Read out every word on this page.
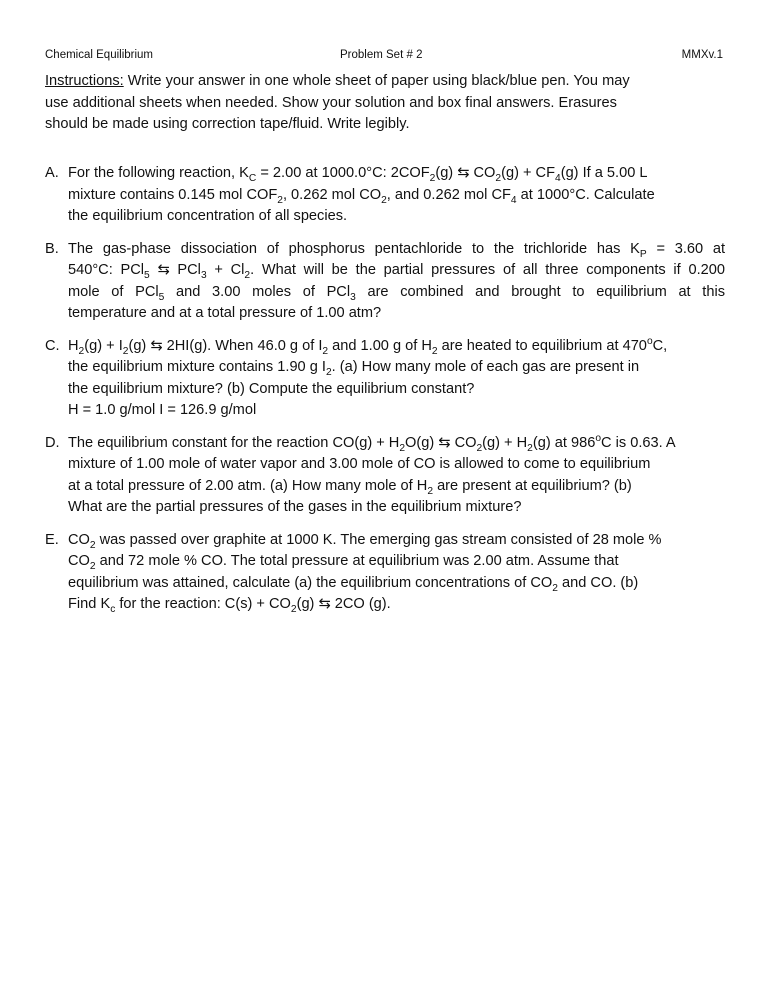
Chemical Equilibrium	Problem Set # 2	MMXv.1
Instructions: Write your answer in one whole sheet of paper using black/blue pen. You may
use additional sheets when needed. Show your solution and box final answers. Erasures
should be made using correction tape/fluid. Write legibly.
A. For the following reaction, $K_C = 2.00$ at 1000.0°C: $2COF_2(g)$ ⇆ $CO_2(g) + CF_4(g)$ If a 5.00 L
mixture contains 0.145 mol $COF_2$, 0.262 mol $CO_2$, and 0.262 mol $CF_4$ at 1000°C. Calculate
the equilibrium concentration of all species.
B. The gas-phase dissociation of phosphorus pentachloride to the trichloride has $K_P = 3.60$ at
540°C: PCl$_5$ ⇆ $PCl_3 + Cl_2$. What will be the partial pressures of all three components if 0.200
mole of PCl$_5$ and 3.00 moles of PCl$_3$ are combined and brought to equilibrium at this
temperature and at a total pressure of 1.00 atm?
C. $H_2(g) + I_2(g)$ ⇆ 2HI(g). When 46.0 g of $I_2$ and 1.00 g of $H_2$ are heated to equilibrium at 470$^o$C,
the equilibrium mixture contains 1.90 g $I_2$. (a) How many mole of each gas are present in
the equilibrium mixture? (b) Compute the equilibrium constant?
H = 1.0 g/mol I = 126.9 g/mol
D. The equilibrium constant for the reaction $CO(g) + H_2O(g)$ ⇆ $CO_2(g) + H_2(g)$ at 986$^o$C is 0.63. A
mixture of 1.00 mole of water vapor and 3.00 mole of CO is allowed to come to equilibrium
at a total pressure of 2.00 atm. (a) How many mole of $H_2$ are present at equilibrium? (b)
What are the partial pressures of the gases in the equilibrium mixture?
E. $CO_2$ was passed over graphite at 1000 K. The emerging gas stream consisted of 28 mole %
$CO_2$ and 72 mole % CO. The total pressure at equilibrium was 2.00 atm. Assume that
equilibrium was attained, calculate (a) the equilibrium concentrations of $CO_2$ and CO. (b)
Find $K_c$ for the reaction: $C(s) + CO_2(g)$ ⇆ 2CO (g).
